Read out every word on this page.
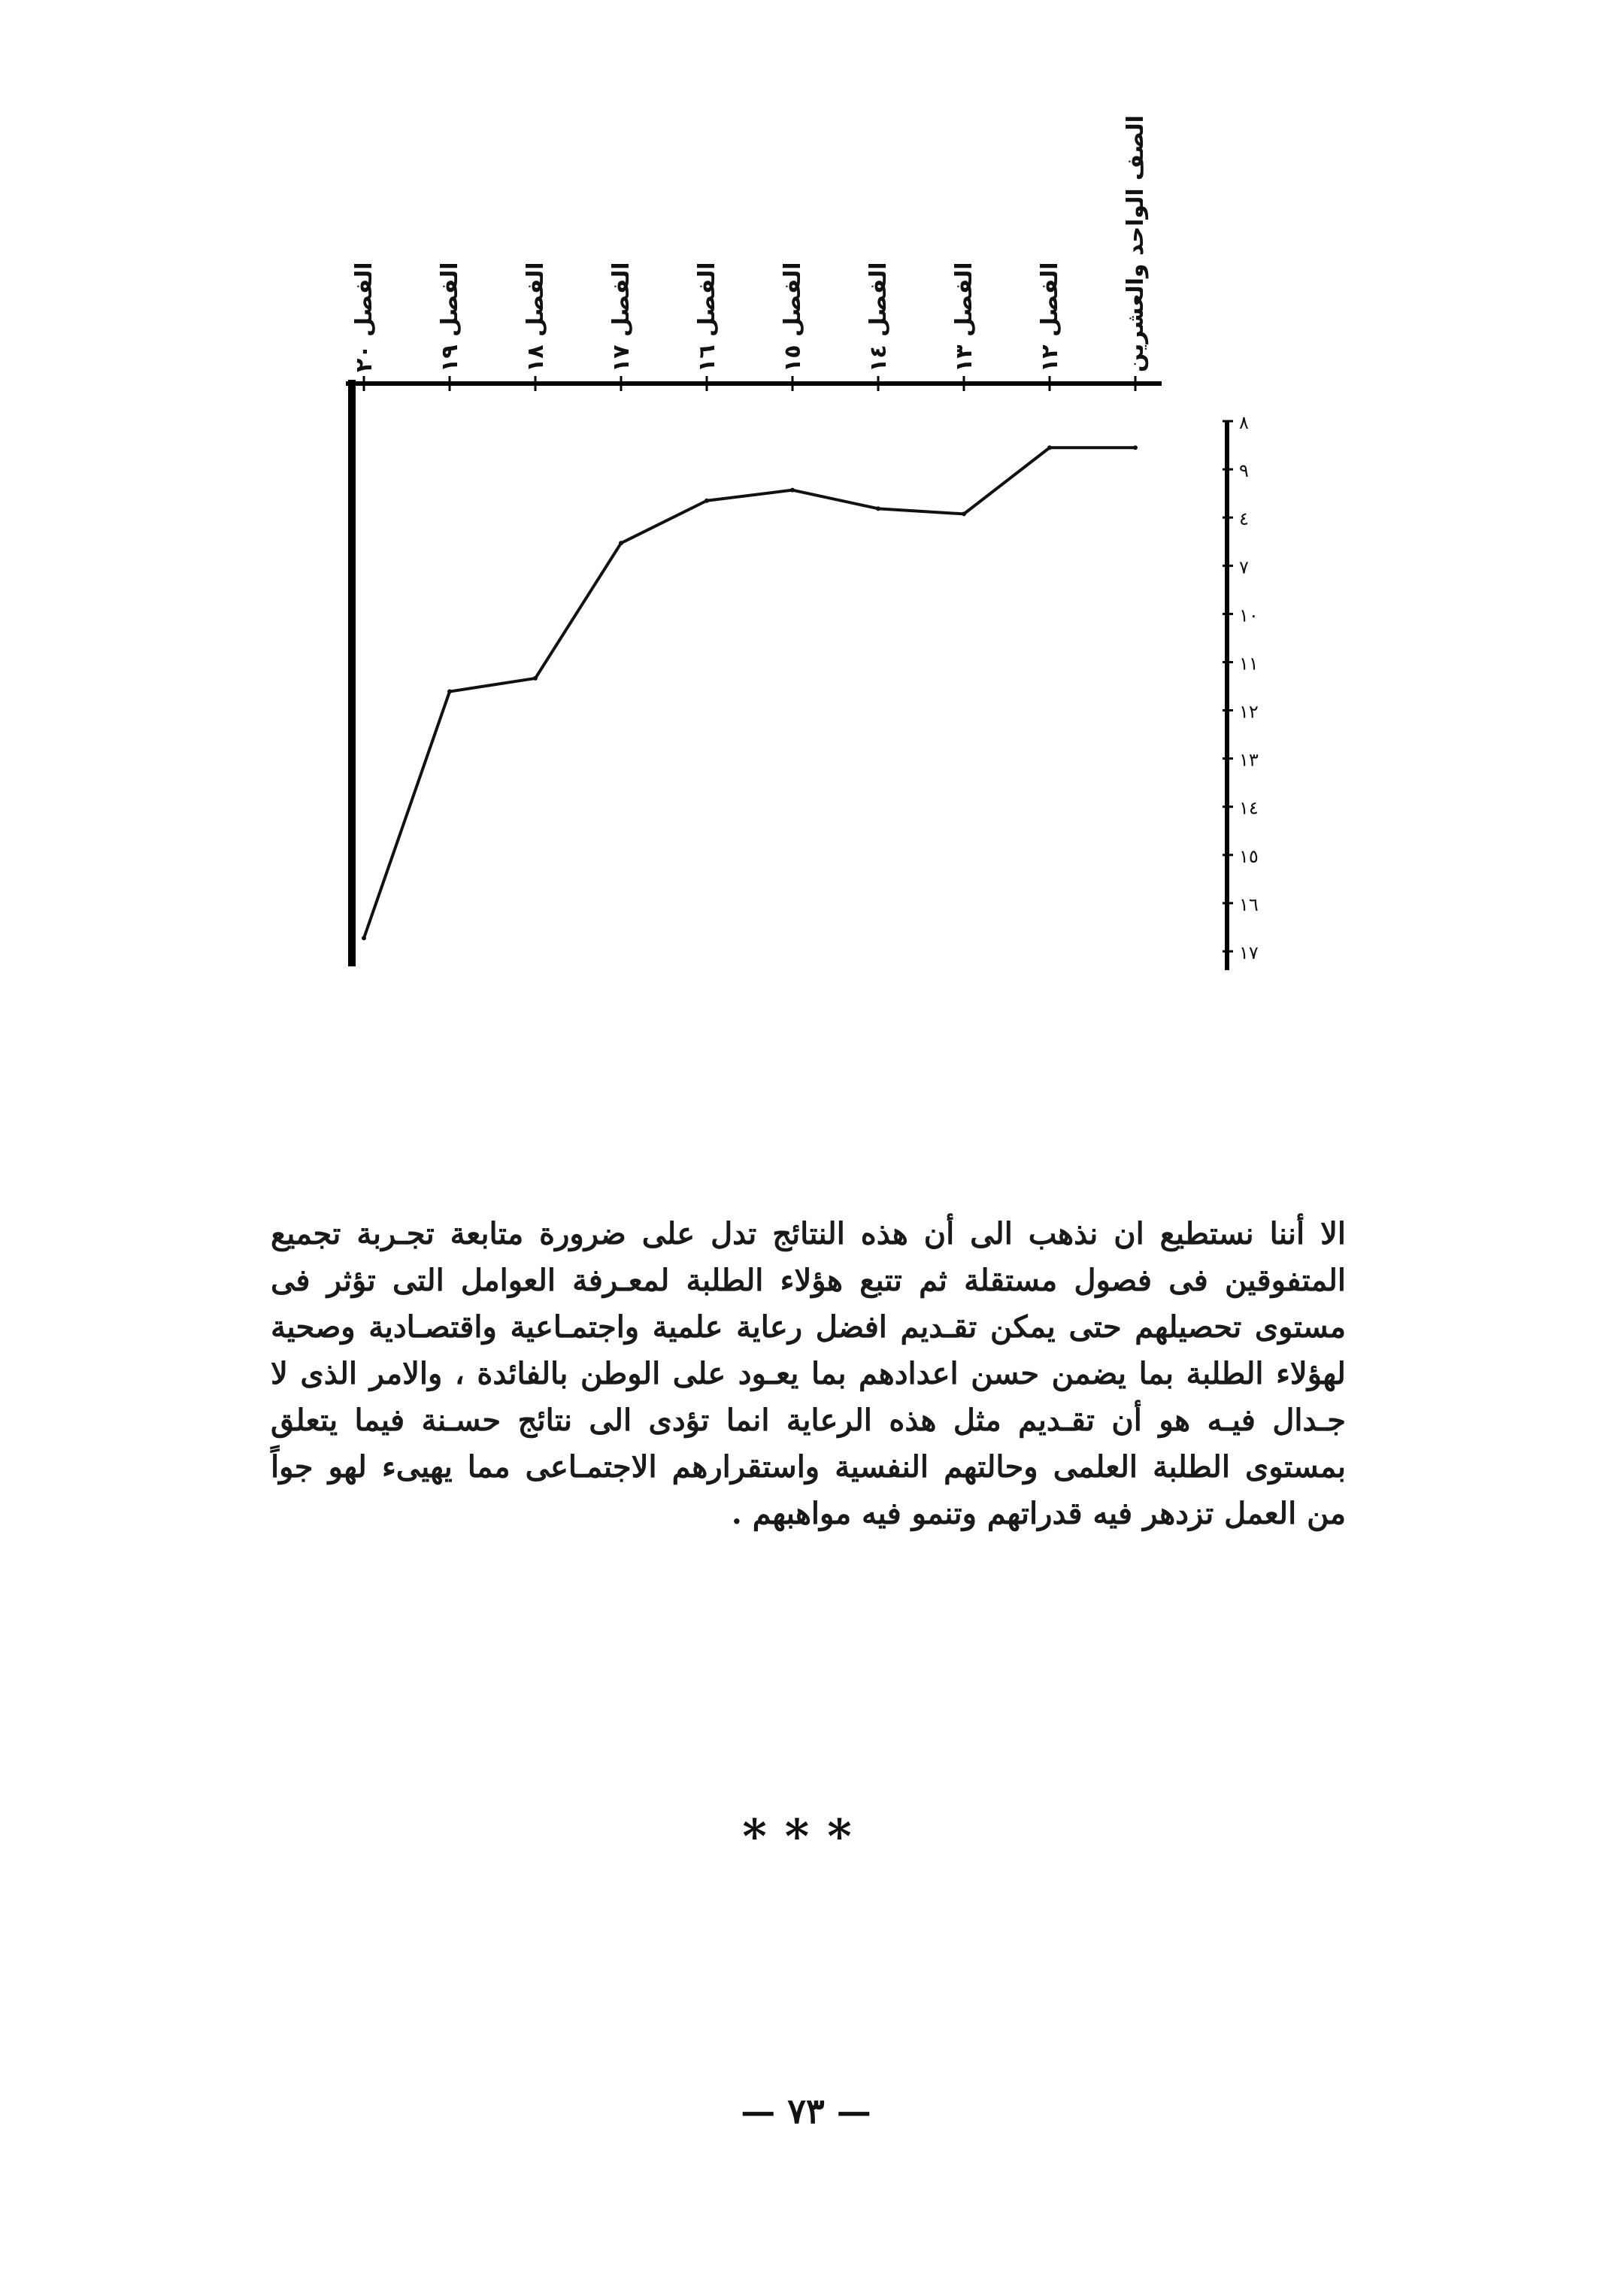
الصف الواحد والعشرين
الفصل ١٢
الفصل ١٣
الفصل ١٤
الفصل ١٥
الفصل ١٦
الفصل ١٧
الفصل ١٨
الفصل ١٩
الفصل ٢٠
٨
٩
٤
٧
١٠
١١
١٢
١٣
١٤
١٥
١٦
١٧
الا أننا نستطيع ان نذهب الى أن هذه النتائج تدل على ضرورة متابعة تجـربة تجميع المتفوقين فى فصول مستقلة ثم تتبع هؤلاء الطلبة لمعـرفة العوامل التى تؤثر فى مستوى تحصيلهم حتى يمكن تقـديم افضل رعاية علمية واجتمـاعية واقتصـادية وصحية لهؤلاء الطلبة بما يضمن حسن اعدادهم بما يعـود على الوطن بالفائدة ، والامر الذى لا جـدال فيـه هو أن تقـديم مثل هذه الرعاية انما تؤدى الى نتائج حسـنة فيما يتعلق بمستوى الطلبة العلمى وحالتهم النفسية واستقرارهم الاجتمـاعى مما يهيىء لهو جواً من العمل تزدهر فيه قدراتهم وتنمو فيه مواهبهم .
***
— ٧٣ —
